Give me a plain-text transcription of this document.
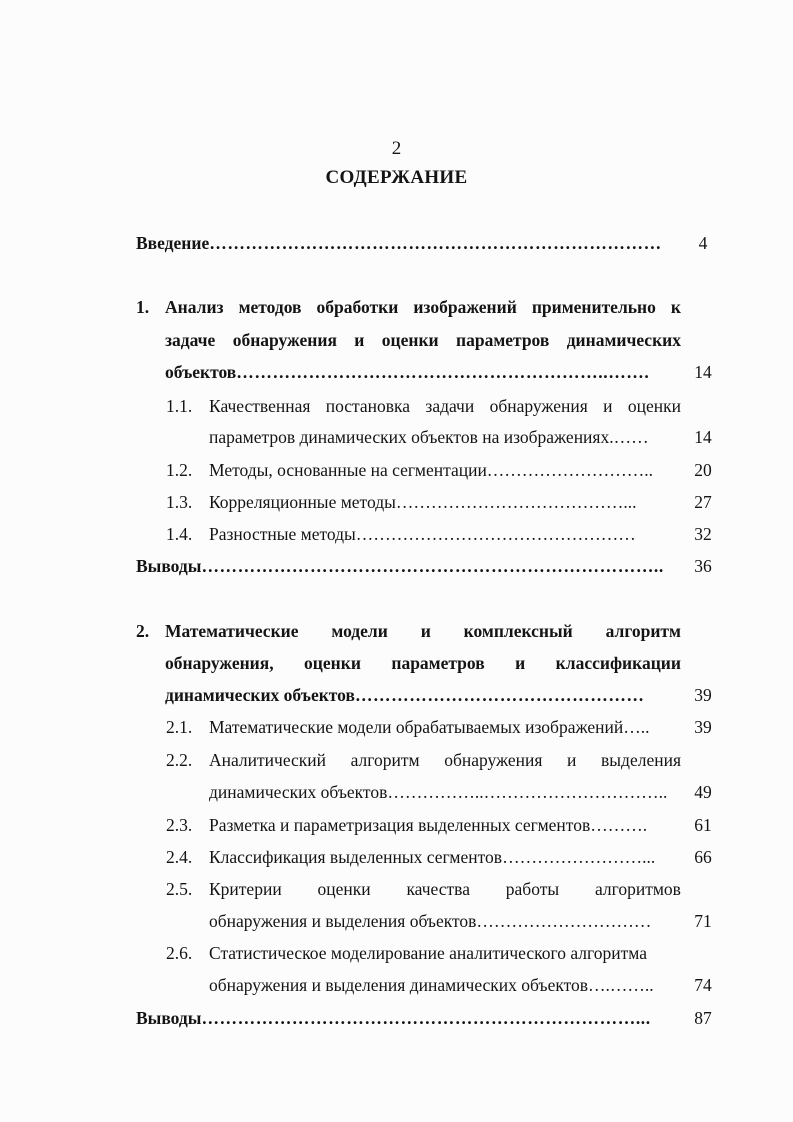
2
СОДЕРЖАНИЕ
Введение…………………………………………………………………	4
1. Анализ методов обработки изображений применительно к
задаче обнаружения и оценки параметров динамических
объектов……………………………………………………..…….	14
1.1. Качественная постановка задачи обнаружения и оценки
параметров динамических объектов на изображениях.……	14
1.2. Методы, основанные на сегментации………………………..	20
1.3. Корреляционные методы…………………………………...	27
1.4. Разностные методы…………………………………………	32
Выводы…………………………………………………………………..	36
2. Математические модели и комплексный алгоритм
обнаружения, оценки параметров и классификации
динамических объектов…………………………………………	39
2.1. Математические модели обрабатываемых изображений…..	39
2.2. Аналитический алгоритм обнаружения и выделения
динамических объектов……………..…………………………..	49
2.3. Разметка и параметризация выделенных сегментов……….	61
2.4. Классификация выделенных сегментов……………………...	66
2.5. Критерии оценки качества работы алгоритмов
обнаружения и выделения объектов…………………………	71
2.6. Статистическое моделирование аналитического алгоритма
обнаружения и выделения динамических объектов….……..	74
Выводы………………………………………………………………...	87
